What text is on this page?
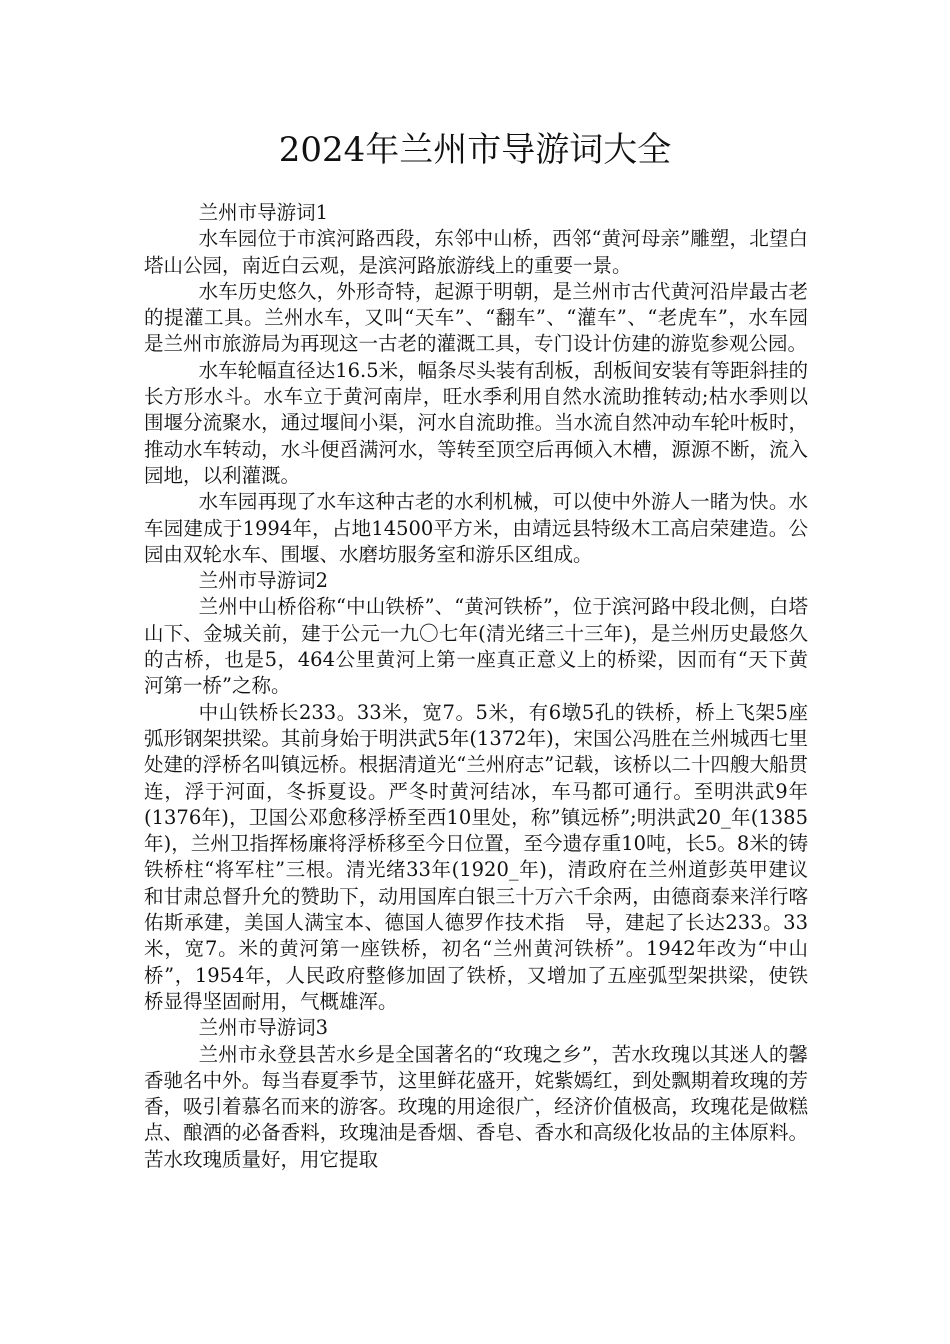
2024年兰州市导游词大全

兰州市导游词1

水车园位于市滨河路西段，东邻中山桥，西邻“黄河母亲”雕塑，北望白塔山公园，南近白云观，是滨河路旅游线上的重要一景。

水车历史悠久，外形奇特，起源于明朝，是兰州市古代黄河沿岸最古老的提灌工具。兰州水车，又叫“天车”、“翻车”、“灌车”、“老虎车”，水车园是兰州市旅游局为再现这一古老的灌溉工具，专门设计仿建的游览参观公园。

水车轮幅直径达16.5米，幅条尽头装有刮板，刮板间安装有等距斜挂的长方形水斗。水车立于黄河南岸，旺水季利用自然水流助推转动;枯水季则以围堰分流聚水，通过堰间小渠，河水自流助推。当水流自然冲动车轮叶板时，推动水车转动，水斗便舀满河水，等转至顶空后再倾入木槽，源源不断，流入园地，以利灌溉。

水车园再现了水车这种古老的水利机械，可以使中外游人一睹为快。水车园建成于1994年，占地14500平方米，由靖远县特级木工高启荣建造。公园由双轮水车、围堰、水磨坊服务室和游乐区组成。

兰州市导游词2

兰州中山桥俗称“中山铁桥”、“黄河铁桥”，位于滨河路中段北侧，白塔山下、金城关前，建于公元一九〇七年(清光绪三十三年)，是兰州历史最悠久的古桥，也是5，464公里黄河上第一座真正意义上的桥梁，因而有“天下黄河第一桥”之称。

中山铁桥长233。33米，宽7。5米，有6墩5孔的铁桥，桥上飞架5座弧形钢架拱梁。其前身始于明洪武5年(1372年)，宋国公冯胜在兰州城西七里处建的浮桥名叫镇远桥。根据清道光“兰州府志”记载，该桥以二十四艘大船贯连，浮于河面，冬拆夏设。严冬时黄河结冰，车马都可通行。至明洪武9年(1376年)，卫国公邓愈移浮桥至西10里处，称”镇远桥”;明洪武20_年(1385年)，兰州卫指挥杨廉将浮桥移至今日位置，至今遗存重10吨，长5。8米的铸铁桥柱“将军柱”三根。清光绪33年(1920_年)，清政府在兰州道彭英甲建议和甘肃总督升允的赞助下，动用国库白银三十万六千余两，由德商泰来洋行喀佑斯承建，美国人满宝本、德国人德罗作技术指　导，建起了长达233。33米，宽7。米的黄河第一座铁桥，初名“兰州黄河铁桥”。1942年改为“中山桥”，1954年，人民政府整修加固了铁桥，又增加了五座弧型架拱梁，使铁桥显得坚固耐用，气概雄浑。

兰州市导游词3

兰州市永登县苦水乡是全国著名的“玫瑰之乡”，苦水玫瑰以其迷人的馨香驰名中外。每当春夏季节，这里鲜花盛开，姹紫嫣红，到处飘期着玫瑰的芳香，吸引着慕名而来的游客。玫瑰的用途很广，经济价值极高，玫瑰花是做糕点、酿酒的必备香料，玫瑰油是香烟、香皂、香水和高级化妆品的主体原料。苦水玫瑰质量好，用它提取
